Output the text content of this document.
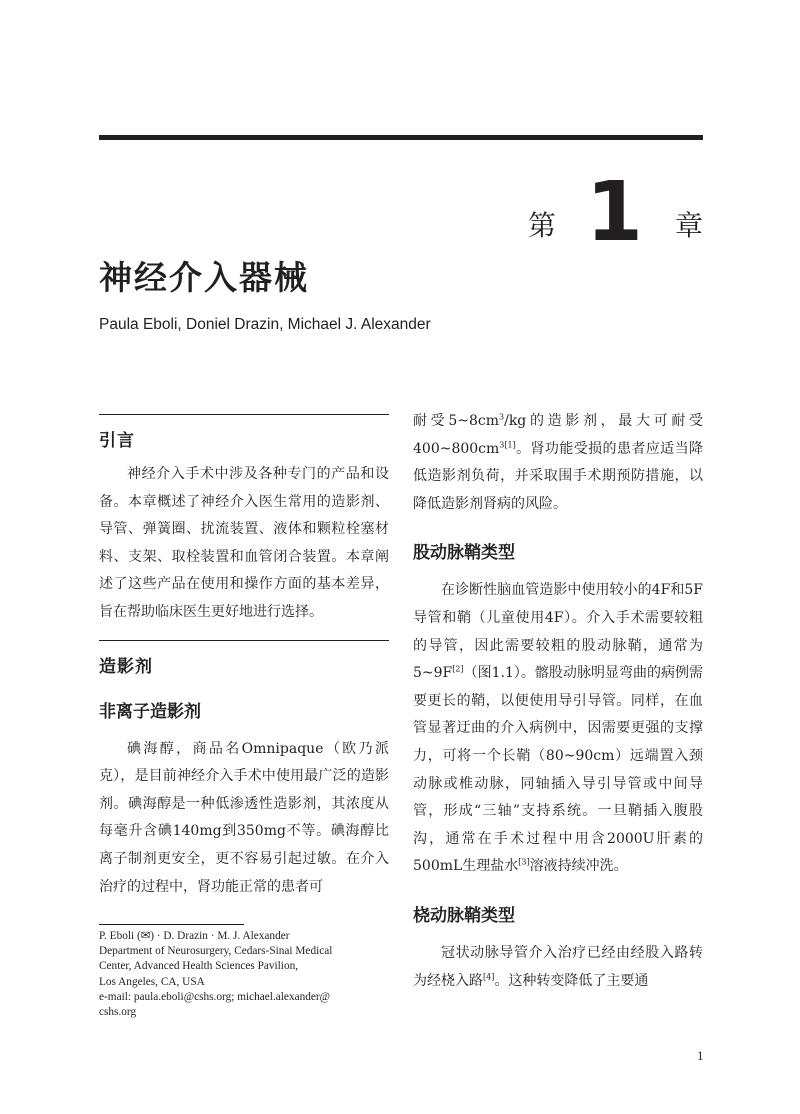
第 1 章
神经介入器械
Paula Eboli, Doniel Drazin, Michael J. Alexander
引言

神经介入手术中涉及各种专门的产品和设备。本章概述了神经介入医生常用的造影剂、导管、弹簧圈、扰流装置、液体和颗粒栓塞材料、支架、取栓装置和血管闭合装置。本章阐述了这些产品在使用和操作方面的基本差异，旨在帮助临床医生更好地进行选择。

造影剂
非离子造影剂

碘海醇，商品名Omnipaque（欧乃派克），是目前神经介入手术中使用最广泛的造影剂。碘海醇是一种低渗透性造影剂，其浓度从每毫升含碘140mg到350mg不等。碘海醇比离子制剂更安全，更不容易引起过敏。在介入治疗的过程中，肾功能正常的患者可

耐受$5\sim 8cm^3/kg$的造影剂，最大可耐受$400\sim 800cm^{3[1]}$。肾功能受损的患者应适当降低造影剂负荷，并采取围手术期预防措施，以降低造影剂肾病的风险。

股动脉鞘类型

在诊断性脑血管造影中使用较小的4F和5F导管和鞘（儿童使用4F）。介入手术需要较粗的导管，因此需要较粗的股动脉鞘，通常为5~9F[2]（图1.1）。髂股动脉明显弯曲的病例需要更长的鞘，以便使用导引导管。同样，在血管显著迂曲的介入病例中，因需要更强的支撑力，可将一个长鞘（80~90cm）远端置入颈动脉或椎动脉，同轴插入导引导管或中间导管，形成“三轴”支持系统。一旦鞘插入腹股沟，通常在手术过程中用含2000U肝素的500mL生理盐水[3]溶液持续冲洗。

桡动脉鞘类型

冠状动脉导管介入治疗已经由经股入路转为经桡入路[4]。这种转变降低了主要通

P. Eboli (✉) · D. Drazin · M. J. Alexander
Department of Neurosurgery, Cedars-Sinai Medical
Center, Advanced Health Sciences Pavilion,
Los Angeles, CA, USA
e-mail: paula.eboli@cshs.org; michael.alexander@
cshs.org
1
